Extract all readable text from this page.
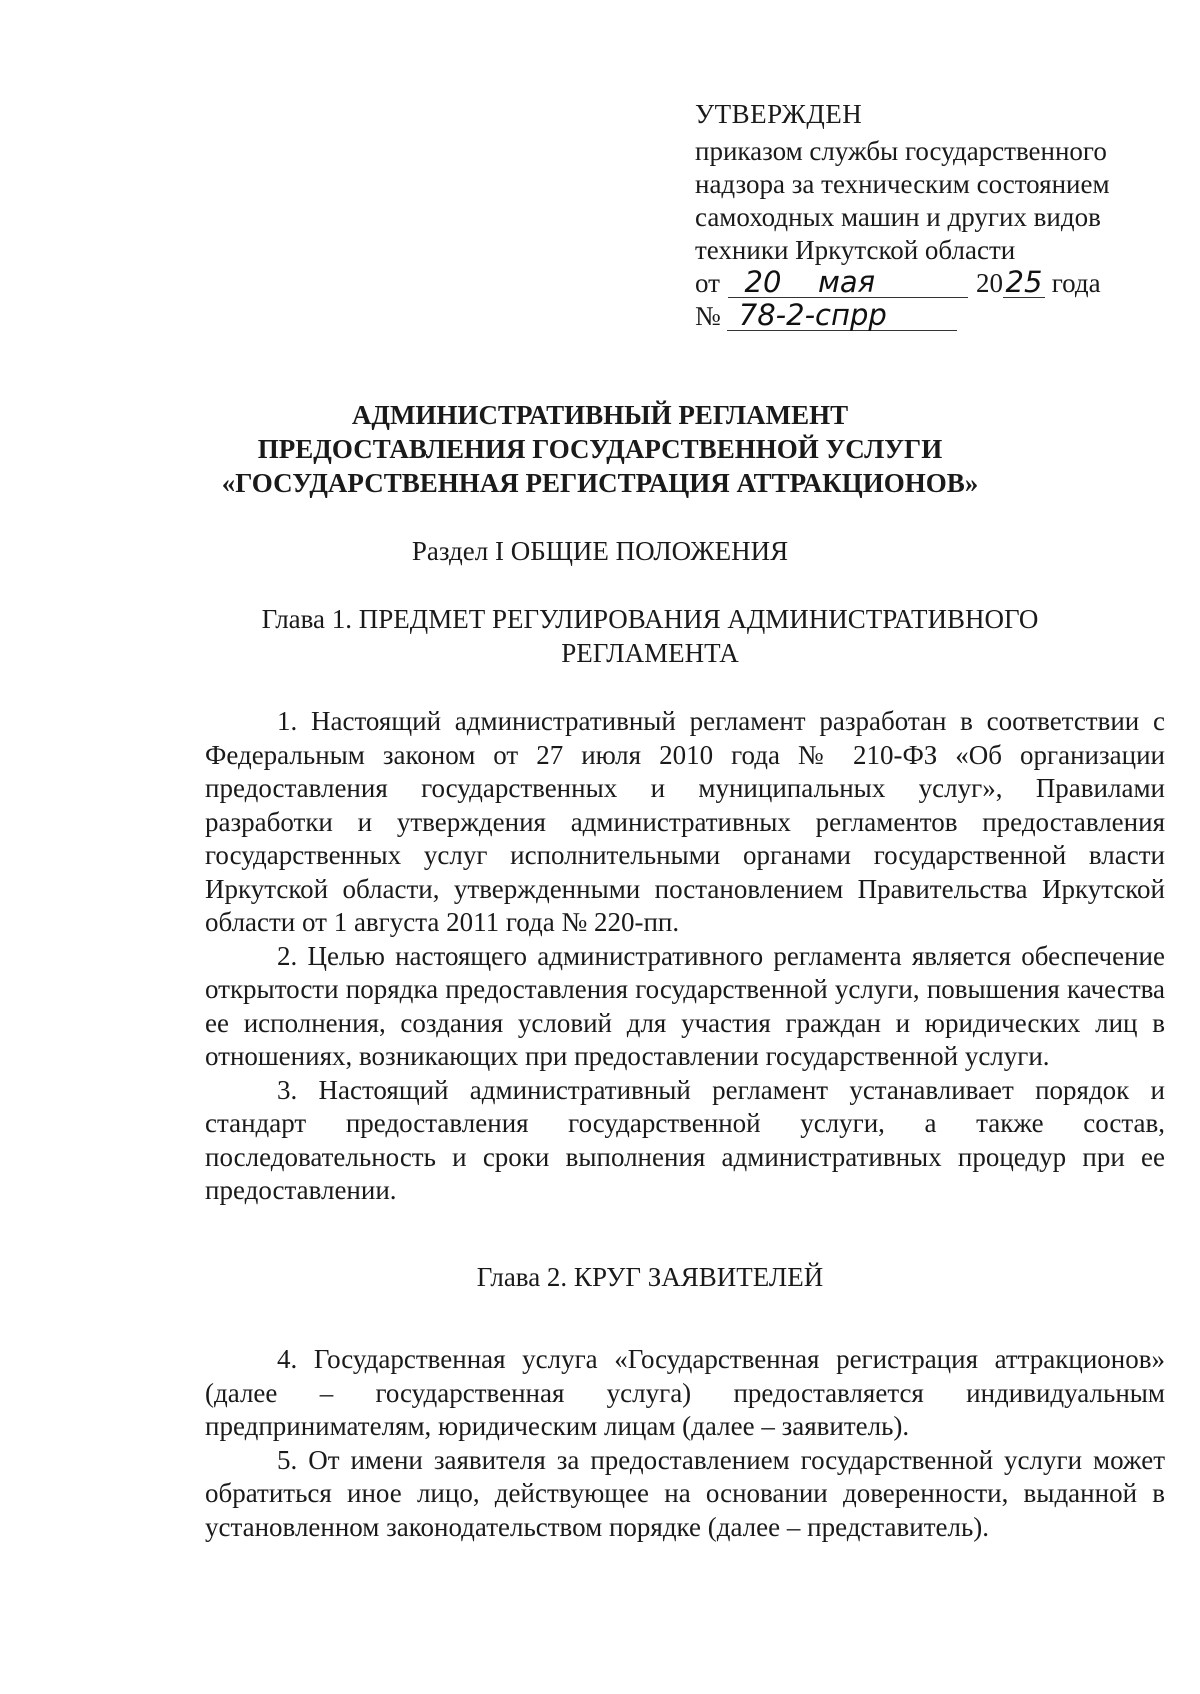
УТВЕРЖДЕН
приказом службы государственного
надзора за техническим состоянием
самоходных машин и других видов
техники Иркутской области
от 20 мая	2025 года
№ 78-2-спрр
АДМИНИСТРАТИВНЫЙ РЕГЛАМЕНТ
ПРЕДОСТАВЛЕНИЯ ГОСУДАРСТВЕННОЙ УСЛУГИ
«ГОСУДАРСТВЕННАЯ РЕГИСТРАЦИЯ АТТРАКЦИОНОВ»
Раздел I ОБЩИЕ ПОЛОЖЕНИЯ
Глава 1. ПРЕДМЕТ РЕГУЛИРОВАНИЯ АДМИНИСТРАТИВНОГО
РЕГЛАМЕНТА

1. Настоящий административный регламент разработан в соответствии с Федеральным законом от 27 июля 2010 года № 210-ФЗ «Об организации предоставления государственных и муниципальных услуг», Правилами разработки и утверждения административных регламентов предоставления государственных услуг исполнительными органами государственной власти Иркутской области, утвержденными постановлением Правительства Иркутской области от 1 августа 2011 года № 220-пп.

2. Целью настоящего административного регламента является обеспечение открытости порядка предоставления государственной услуги, повышения качества ее исполнения, создания условий для участия граждан и юридических лиц в отношениях, возникающих при предоставлении государственной услуги.

3. Настоящий административный регламент устанавливает порядок и стандарт предоставления государственной услуги, а также состав, последовательность и сроки выполнения административных процедур при ее предоставлении.

Глава 2. КРУГ ЗАЯВИТЕЛЕЙ

4. Государственная услуга «Государственная регистрация аттракционов» (далее – государственная услуга) предоставляется индивидуальным предпринимателям, юридическим лицам (далее – заявитель).

5. От имени заявителя за предоставлением государственной услуги может обратиться иное лицо, действующее на основании доверенности, выданной в установленном законодательством порядке (далее – представитель).
